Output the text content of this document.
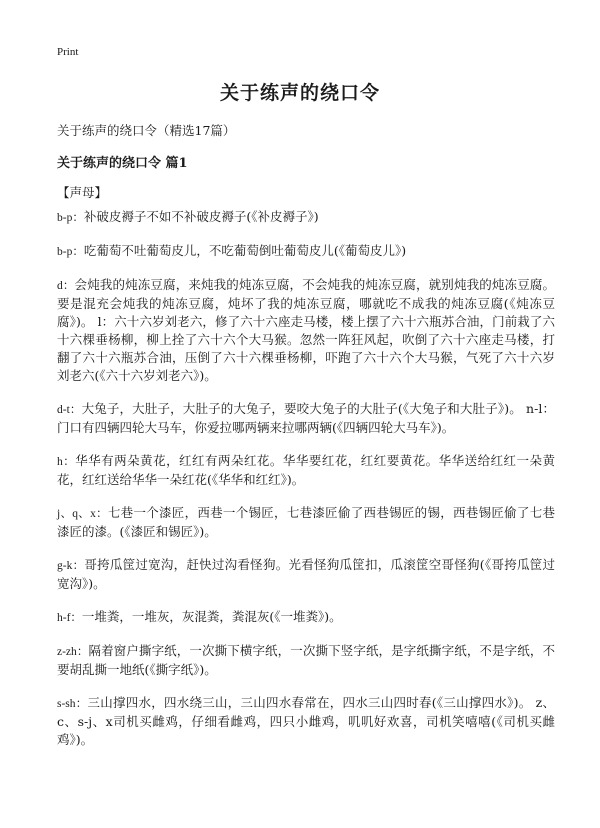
Print
关于练声的绕口令
关于练声的绕口令（精选17篇）
关于练声的绕口令 篇1
【声母】

b-p：补破皮褥子不如不补破皮褥子(《补皮褥子》)

b-p：吃葡萄不吐葡萄皮儿，不吃葡萄倒吐葡萄皮儿(《葡萄皮儿》)

d：会炖我的炖冻豆腐，来炖我的炖冻豆腐，不会炖我的炖冻豆腐，就别炖我的炖冻豆腐。要是混充会炖我的炖冻豆腐，炖坏了我的炖冻豆腐，哪就吃不成我的炖冻豆腐(《炖冻豆腐》)。 l：六十六岁刘老六，修了六十六座走马楼，楼上摆了六十六瓶苏合油，门前栽了六十六棵垂杨柳，柳上拴了六十六个大马猴。忽然一阵狂风起，吹倒了六十六座走马楼，打翻了六十六瓶苏合油，压倒了六十六棵垂杨柳，吓跑了六十六个大马猴，气死了六十六岁刘老六(《六十六岁刘老六》)。

d-t：大兔子，大肚子，大肚子的大兔子，要咬大兔子的大肚子(《大兔子和大肚子》)。 n-l：门口有四辆四轮大马车，你爱拉哪两辆来拉哪两辆(《四辆四轮大马车》)。

h：华华有两朵黄花，红红有两朵红花。华华要红花，红红要黄花。华华送给红红一朵黄花，红红送给华华一朵红花(《华华和红红》)。

j、q、x：七巷一个漆匠，西巷一个锡匠，七巷漆匠偷了西巷锡匠的锡，西巷锡匠偷了七巷漆匠的漆。(《漆匠和锡匠》)。

g-k：哥挎瓜筐过宽沟，赶快过沟看怪狗。光看怪狗瓜筐扣，瓜滚筐空哥怪狗(《哥挎瓜筐过宽沟》)。

h-f：一堆粪，一堆灰，灰混粪，粪混灰(《一堆粪》)。

z-zh：隔着窗户撕字纸，一次撕下横字纸，一次撕下竖字纸，是字纸撕字纸，不是字纸，不要胡乱撕一地纸(《撕字纸》)。

s-sh：三山撑四水，四水绕三山，三山四水春常在，四水三山四时春(《三山撑四水》)。 z、c、s-j、x司机买雌鸡，仔细看雌鸡，四只小雌鸡，叽叽好欢喜，司机笑嘻嘻(《司机买雌鸡》)。
